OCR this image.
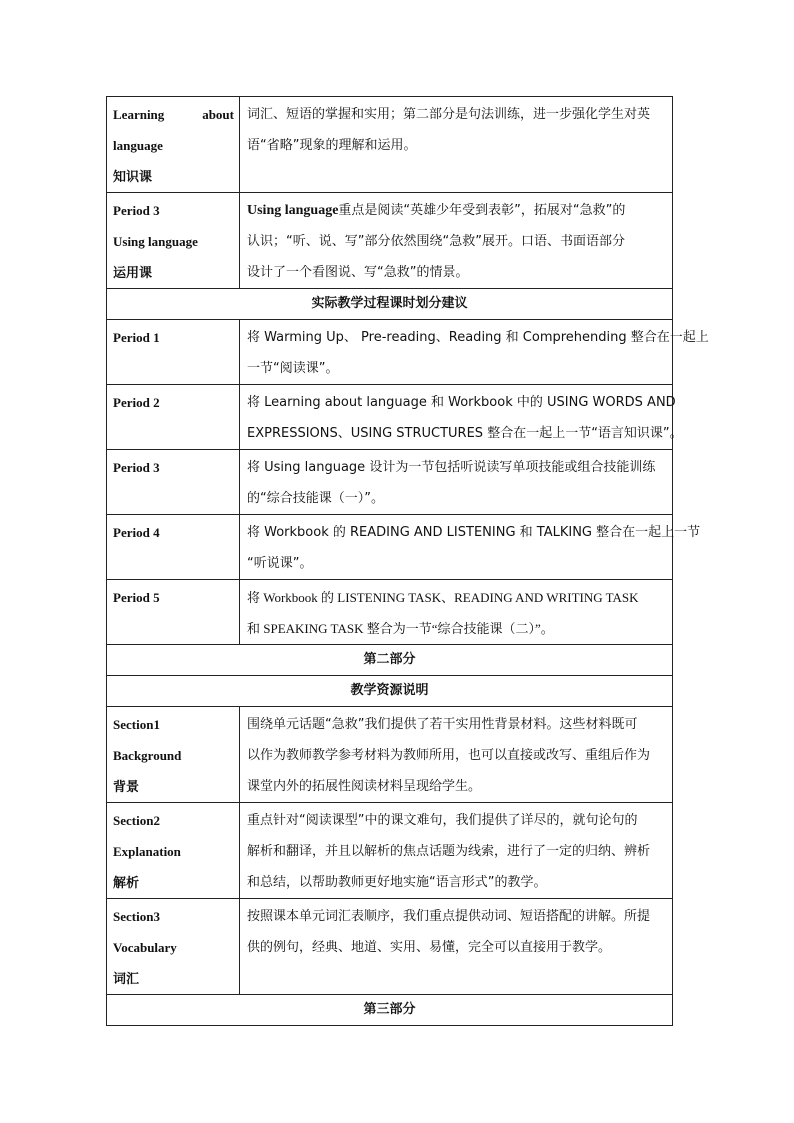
Learning about
language
知识课	词汇、短语的掌握和实用；第二部分是句法训练，进一步强化学生对英
语“省略”现象的理解和运用。

Period 3
Using language
运用课	Using language重点是阅读“英雄少年受到表彰”，拓展对“急救”的
认识；“听、说、写”部分依然围绕“急救”展开。口语、书面语部分
设计了一个看图说、写“急救”的情景。

实际教学过程课时划分建议	
Period 1	将 Warming Up、 Pre-reading、Reading 和 Comprehending 整合在一起上
一节“阅读课”。

Period 2	将 Learning about language 和 Workbook 中的 USING WORDS AND
EXPRESSIONS、USING STRUCTURES 整合在一起上一节“语言知识课”。

Period 3	将 Using language 设计为一节包括听说读写单项技能或组合技能训练
的“综合技能课（一）”。

Period 4	将 Workbook 的 READING AND LISTENING 和 TALKING 整合在一起上一节
“听说课”。

Period 5	将 Workbook 的 LISTENING TASK、READING AND WRITING TASK
和 SPEAKING TASK 整合为一节“综合技能课（二）”。

第二部分	
教学资源说明	

Section1
Background
背景	围绕单元话题“急救”我们提供了若干实用性背景材料。这些材料既可
以作为教师教学参考材料为教师所用，也可以直接或改写、重组后作为
课堂内外的拓展性阅读材料呈现给学生。

Section2
Explanation
解析	重点针对“阅读课型”中的课文难句，我们提供了详尽的，就句论句的
解析和翻译，并且以解析的焦点话题为线索，进行了一定的归纳、辨析
和总结，以帮助教师更好地实施“语言形式”的教学。

Section3
Vocabulary
词汇	按照课本单元词汇表顺序，我们重点提供动词、短语搭配的讲解。所提
供的例句，经典、地道、实用、易懂，完全可以直接用于教学。

第三部分	
